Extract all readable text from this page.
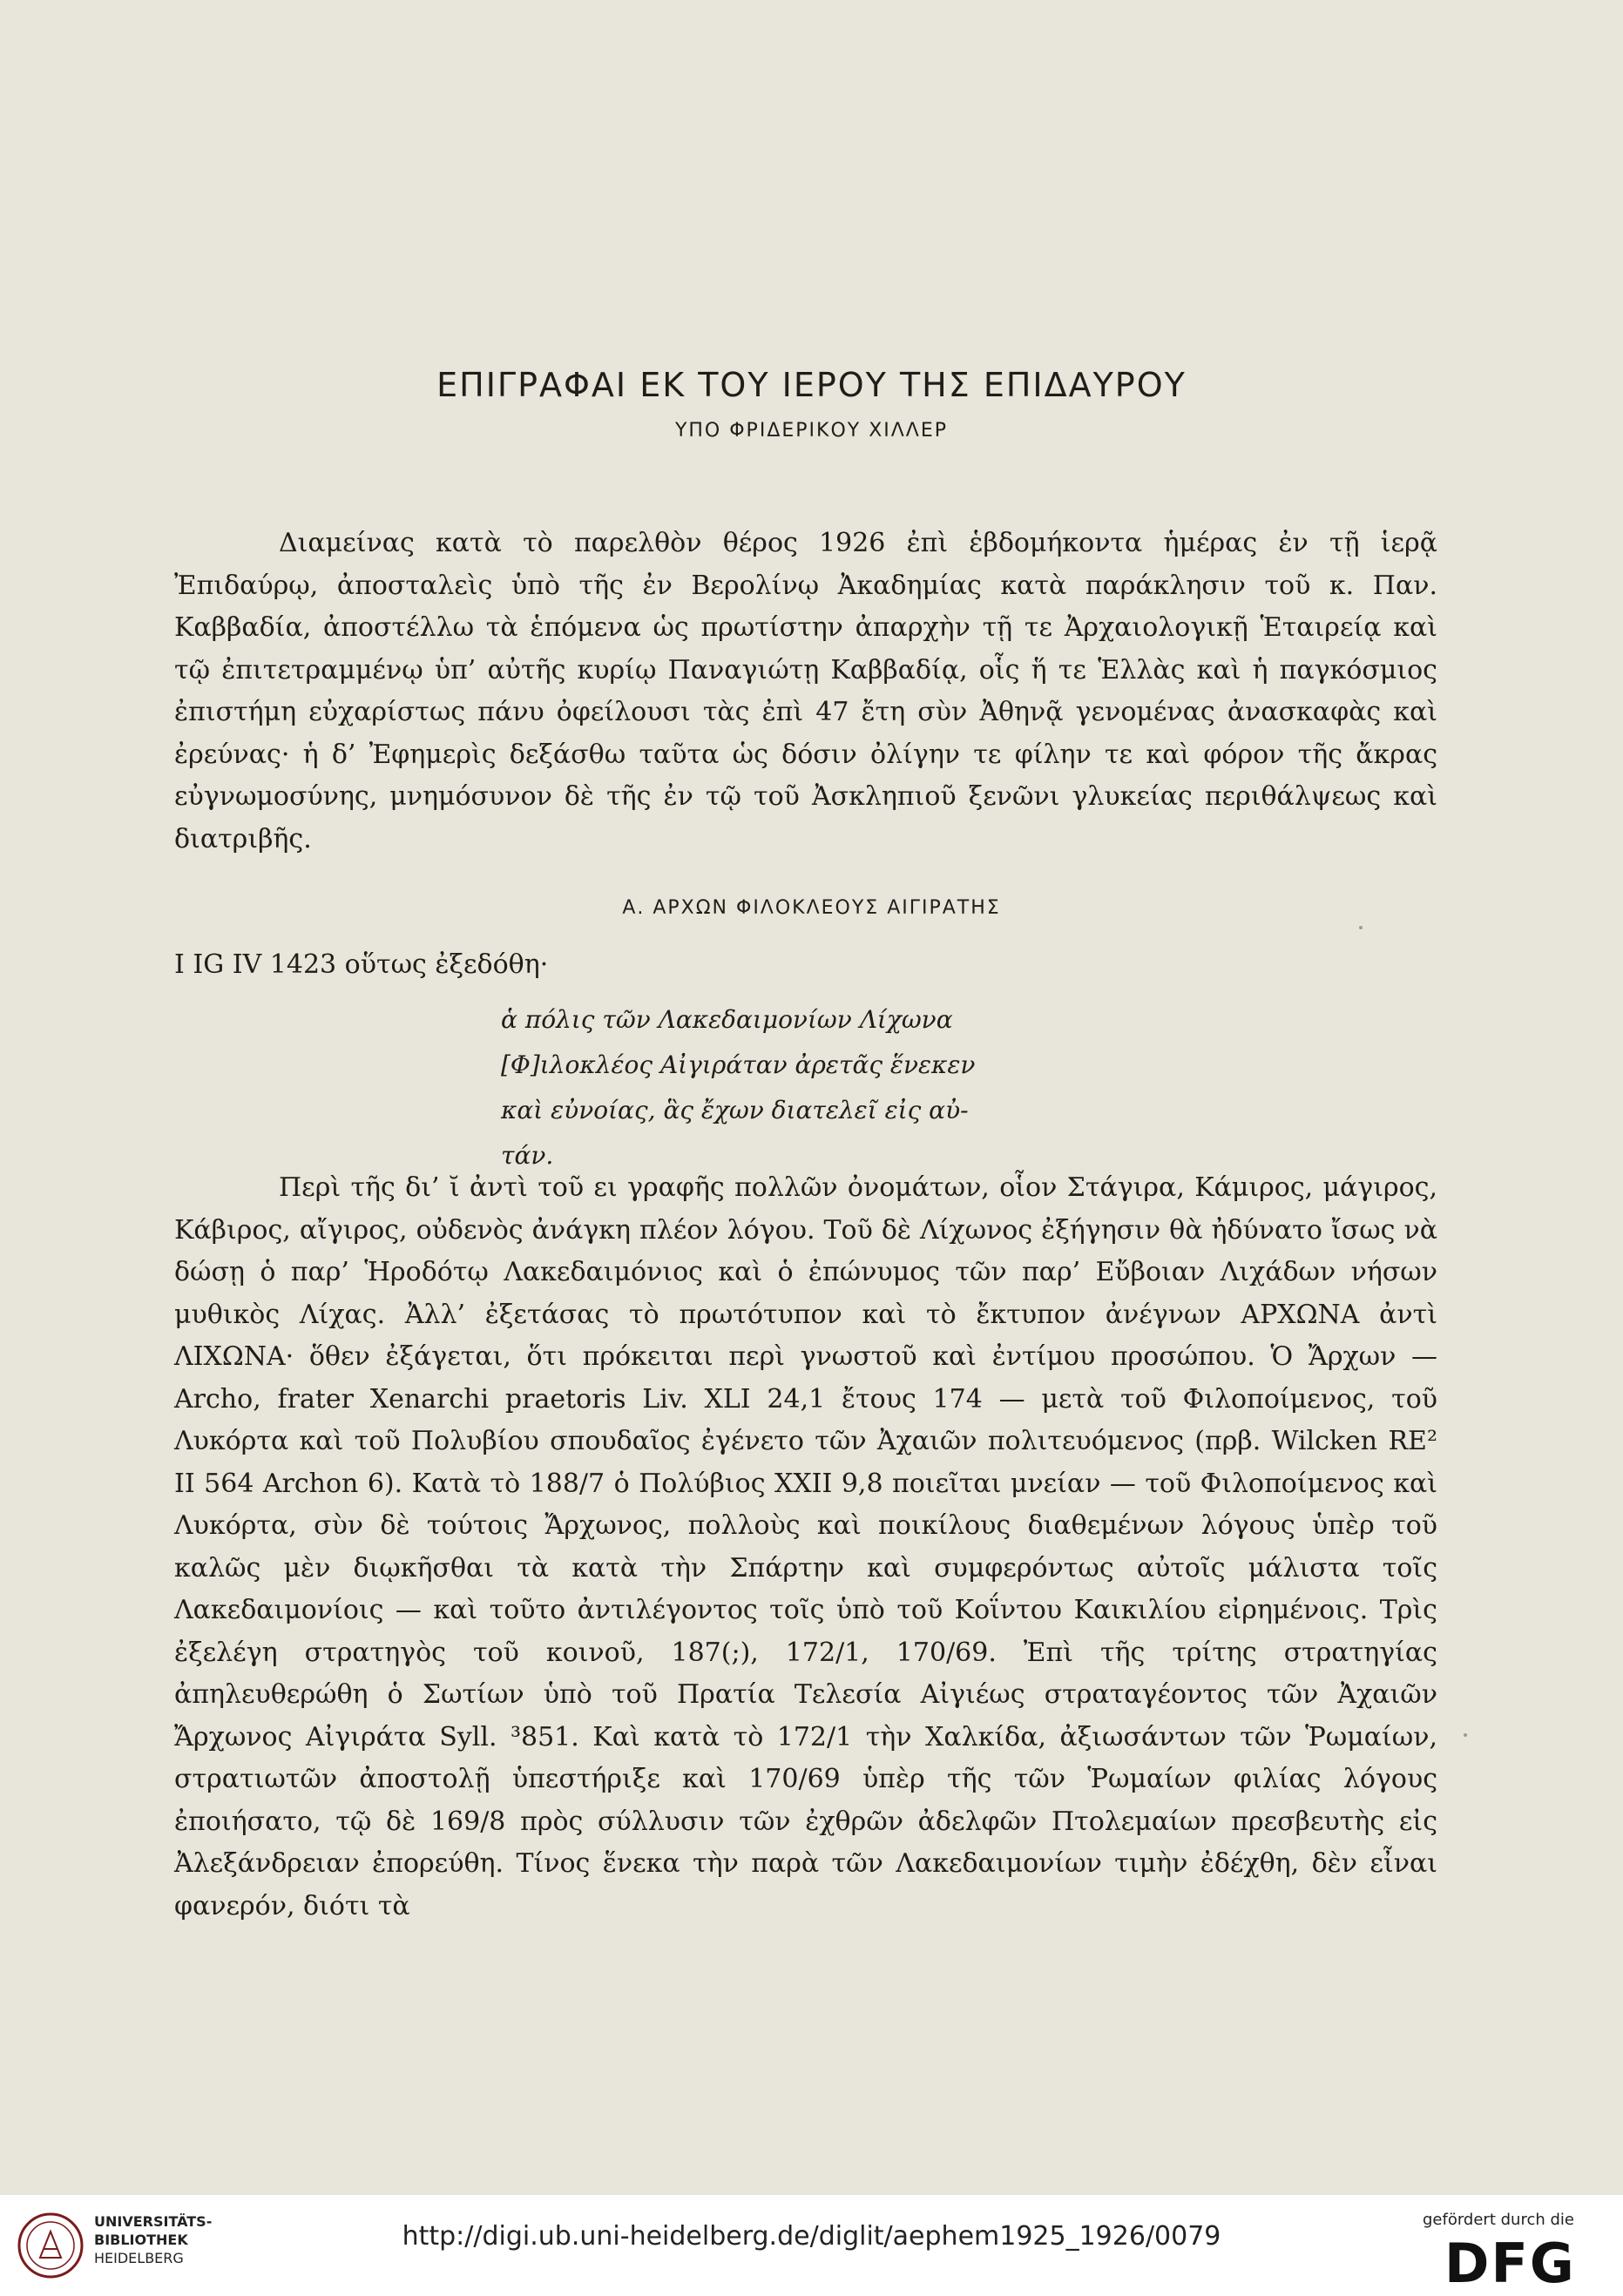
ΕΠΙΓΡΑΦΑΙ ΕΚ ΤΟΥ ΙΕΡΟΥ ΤΗΣ ΕΠΙΔΑΥΡΟΥ
ΥΠΟ ΦΡΙΔΕΡΙΚΟΥ ΧΙΛΛΕΡ

Διαμείνας κατὰ τὸ παρελθὸν θέρος 1926 ἐπὶ ἑβδομήκοντα ἡμέρας ἐν τῇ ἱερᾷ Ἐπιδαύρῳ, ἀποσταλεὶς ὑπὸ τῆς ἐν Βερολίνῳ Ἀκαδημίας κατὰ παράκλησιν τοῦ κ. Παν. Καββαδία, ἀποστέλλω τὰ ἑπόμενα ὡς πρωτίστην ἀπαρχὴν τῇ τε Ἀρχαιολογικῇ Ἑταιρείᾳ καὶ τῷ ἐπιτετραμμένῳ ὑπ’ αὐτῆς κυρίῳ Παναγιώτῃ Καββαδίᾳ, οἷς ἥ τε Ἑλλὰς καὶ ἡ παγκόσμιος ἐπιστήμη εὐχαρίστως πάνυ ὀφείλουσι τὰς ἐπὶ 47 ἔτη σὺν Ἀθηνᾷ γενομένας ἀνασκαφὰς καὶ ἐρεύνας· ἡ δ’ Ἐφημερὶς δεξάσθω ταῦτα ὡς δόσιν ὀλίγην τε φίλην τε καὶ φόρον τῆς ἄκρας εὐγνωμοσύνης, μνημόσυνον δὲ τῆς ἐν τῷ τοῦ Ἀσκληπιοῦ ξενῶνι γλυκείας περιθάλψεως καὶ διατριβῆς.

Α. ΑΡΧΩΝ ΦΙΛΟΚΛΕΟΥΣ ΑΙΓΙΡΑΤΗΣ
I IG IV 1423 οὕτως ἐξεδόθη·
ἁ πόλις τῶν Λακεδαιμονίων Λίχωνα
[Φ]ιλοκλέος Αἰγιράταν ἀρετᾶς ἕνεκεν
καὶ εὐνοίας, ἃς ἔχων διατελεῖ εἰς αὐ-
τάν.

Περὶ τῆς δι’ ῐ ἀντὶ τοῦ ει γραφῆς πολλῶν ὀνομάτων, οἷον Στάγιρα, Κάμιρος, μάγιρος, Κάβιρος, αἴγιρος, οὐδενὸς ἀνάγκη πλέον λόγου. Τοῦ δὲ Λίχωνος ἐξήγησιν θὰ ἠδύνατο ἴσως νὰ δώσῃ ὁ παρ’ Ἡροδότῳ Λακεδαιμόνιος καὶ ὁ ἐπώνυμος τῶν παρ’ Εὔβοιαν Λιχάδων νήσων μυθικὸς Λίχας. Ἀλλ’ ἐξετάσας τὸ πρωτότυπον καὶ τὸ ἔκτυπον ἀνέγνων ΑΡΧΩΝΑ ἀντὶ ΛΙΧΩΝΑ· ὅθεν ἐξάγεται, ὅτι πρόκειται περὶ γνωστοῦ καὶ ἐντίμου προσώπου. Ὁ Ἄρχων — Archo, frater Xenarchi praetoris Liv. XLI 24,1 ἔτους 174 — μετὰ τοῦ Φιλοποίμενος, τοῦ Λυκόρτα καὶ τοῦ Πολυβίου σπουδαῖος ἐγένετο τῶν Ἀχαιῶν πολιτευόμενος (πρβ. Wilcken RE² II 564 Archon 6). Κατὰ τὸ 188/7 ὁ Πολύβιος XXII 9,8 ποιεῖται μνείαν — τοῦ Φιλοποίμενος καὶ Λυκόρτα, σὺν δὲ τούτοις Ἄρχωνος, πολλοὺς καὶ ποικίλους διαθεμένων λόγους ὑπὲρ τοῦ καλῶς μὲν διῳκῆσθαι τὰ κατὰ τὴν Σπάρτην καὶ συμφερόντως αὐτοῖς μάλιστα τοῖς Λακεδαιμονίοις — καὶ τοῦτο ἀντιλέγοντος τοῖς ὑπὸ τοῦ Κοΐντου Καικιλίου εἰρημένοις. Τρὶς ἐξελέγη στρατηγὸς τοῦ κοινοῦ, 187(;), 172/1, 170/69. Ἐπὶ τῆς τρίτης στρατηγίας ἀπηλευθερώθη ὁ Σωτίων ὑπὸ τοῦ Πρατία Τελεσία Αἰγιέως στραταγέοντος τῶν Ἀχαιῶν Ἄρχωνος Αἰγιράτα Syll. ³851. Καὶ κατὰ τὸ 172/1 τὴν Χαλκίδα, ἀξιωσάντων τῶν Ῥωμαίων, στρατιωτῶν ἀποστολῇ ὑπεστήριξε καὶ 170/69 ὑπὲρ τῆς τῶν Ῥωμαίων φιλίας λόγους ἐποιήσατο, τῷ δὲ 169/8 πρὸς σύλλυσιν τῶν ἐχθρῶν ἀδελφῶν Πτολεμαίων πρεσβευτὴς εἰς Ἀλεξάνδρειαν ἐπορεύθη. Τίνος ἕνεκα τὴν παρὰ τῶν Λακεδαιμονίων τιμὴν ἐδέχθη, δὲν εἶναι φανερόν, διότι τὰ

UNIVERSITÄTS-
BIBLIOTHEK
HEIDELBERG
http://digi.ub.uni-heidelberg.de/diglit/aephem1925_1926/0079
gefördert durch die
DFG
